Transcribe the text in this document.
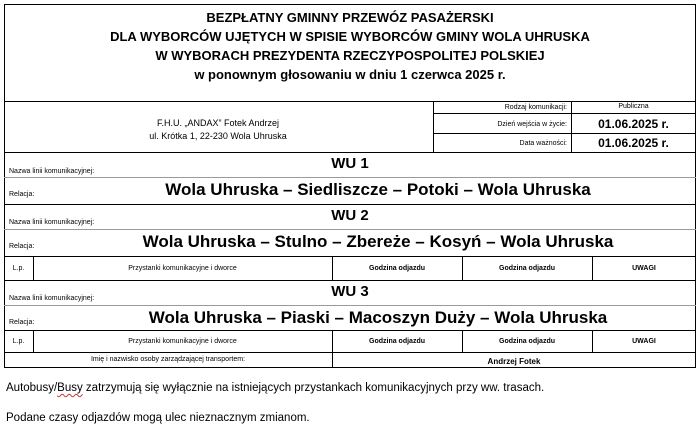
BEZPŁATNY GMINNY PRZEWÓZ PASAŻERSKI
DLA WYBORCÓW UJĘTYCH W SPISIE WYBORCÓW GMINY WOLA UHRUSKA
W WYBORACH PREZYDENTA RZECZYPOSPOLITEJ POLSKIEJ
w ponownym głosowaniu w dniu 1 czerwca 2025 r.
F.H.U. „ANDAX” Fotek Andrzej
ul. Krótka 1, 22-230 Wola Uhruska
Rodzaj komunikacji:	Publiczna
Dzień wejścia w życie:	01.06.2025 r.
Data ważności:	01.06.2025 r.
Nazwa linii komunikacyjnej:	WU 1
Relacja:	Wola Uhruska – Siedliszcze – Potoki – Wola Uhruska
Nazwa linii komunikacyjnej:	WU 2
Relacja:	Wola Uhruska – Stulno – Zbereże – Kosyń – Wola Uhruska
L.p.	Przystanki komunikacyjne i dworce	Godzina odjazdu	Godzina odjazdu	UWAGI
Nazwa linii komunikacyjnej:	WU 3
Relacja:	Wola Uhruska – Piaski – Macoszyn Duży – Wola Uhruska
L.p.	Przystanki komunikacyjne i dworce	Godzina odjazdu	Godzina odjazdu	UWAGI
Imię i nazwisko osoby zarządzającej transportem:	Andrzej Fotek
Autobusy/Busy zatrzymują się wyłącznie na istniejących przystankach komunikacyjnych przy ww. trasach.
Podane czasy odjazdów mogą ulec nieznacznym zmianom.
